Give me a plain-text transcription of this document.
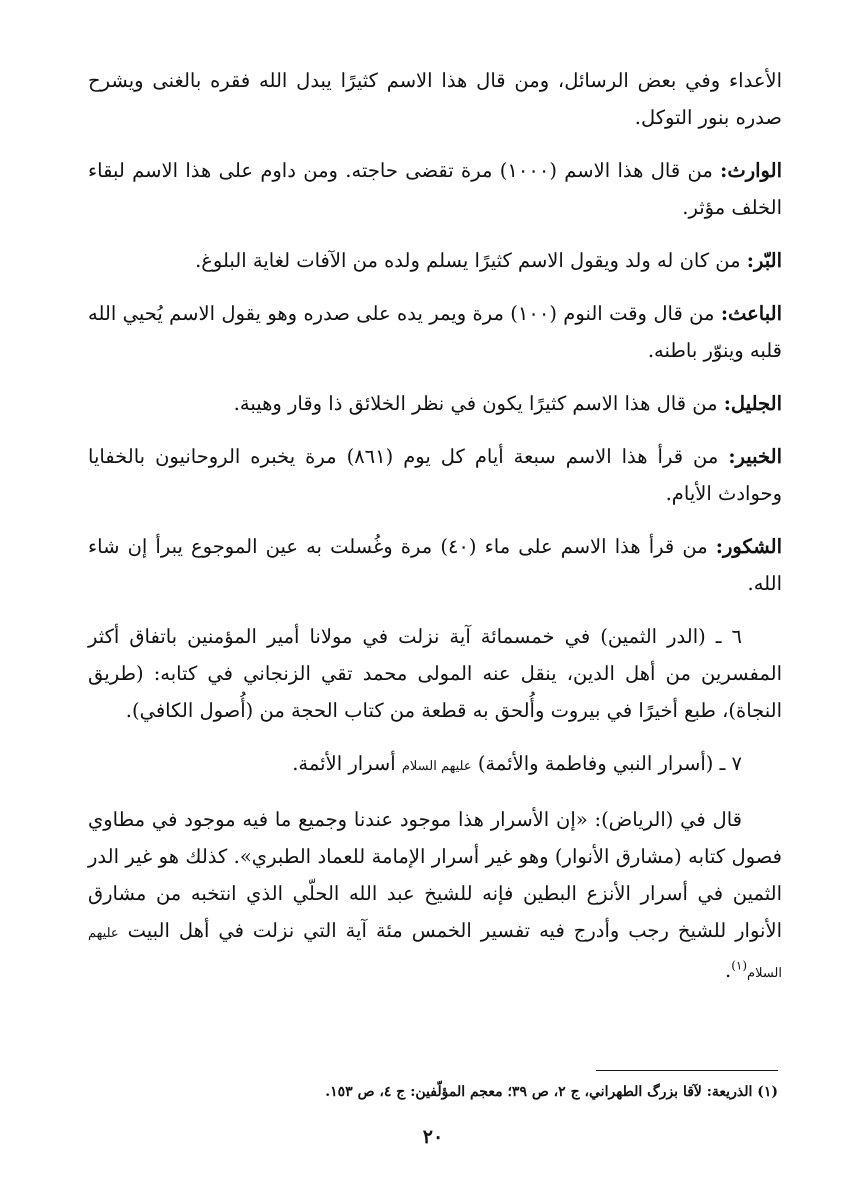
الأعداء وفي بعض الرسائل، ومن قال هذا الاسم كثيرًا يبدل الله فقره بالغنى ويشرح صدره بنور التوكل.

الوارث: من قال هذا الاسم (١٠٠٠) مرة تقضى حاجته. ومن داوم على هذا الاسم لبقاء الخلف مؤثر.

البّر: من كان له ولد ويقول الاسم كثيرًا يسلم ولده من الآفات لغاية البلوغ.

الباعث: من قال وقت النوم (١٠٠) مرة ويمر يده على صدره وهو يقول الاسم يُحيي الله قلبه وينوّر باطنه.

الجليل: من قال هذا الاسم كثيرًا يكون في نظر الخلائق ذا وقار وهيبة.

الخبير: من قرأ هذا الاسم سبعة أيام كل يوم (٨٦١) مرة يخبره الروحانيون بالخفايا وحوادث الأيام.

الشكور: من قرأ هذا الاسم على ماء (٤٠) مرة وغُسلت به عين الموجوع يبرأ إن شاء الله.

٦ ـ (الدر الثمين) في خمسمائة آية نزلت في مولانا أمير المؤمنين باتفاق أكثر المفسرين من أهل الدين، ينقل عنه المولى محمد تقي الزنجاني في كتابه: (طريق النجاة)، طبع أخيرًا في بيروت وأُلحق به قطعة من كتاب الحجة من (أُصول الكافي).

٧ ـ (أسرار النبي وفاطمة والأئمة) عليهم السلام أسرار الأئمة.

قال في (الرياض): «إن الأسرار هذا موجود عندنا وجميع ما فيه موجود في مطاوي فصول كتابه (مشارق الأنوار) وهو غير أسرار الإمامة للعماد الطبري». كذلك هو غير الدر الثمين في أسرار الأنزع البطين فإنه للشيخ عبد الله الحلّي الذي انتخبه من مشارق الأنوار للشيخ رجب وأدرج فيه تفسير الخمس مئة آية التي نزلت في أهل البيت عليهم السلام$^{(١)}$.

(١) الذريعة: لآقا بزرگ الطهراني، ج ٢، ص ٣٩؛ معجم المؤلّفين: ج ٤، ص ١٥٣.
٢٠
